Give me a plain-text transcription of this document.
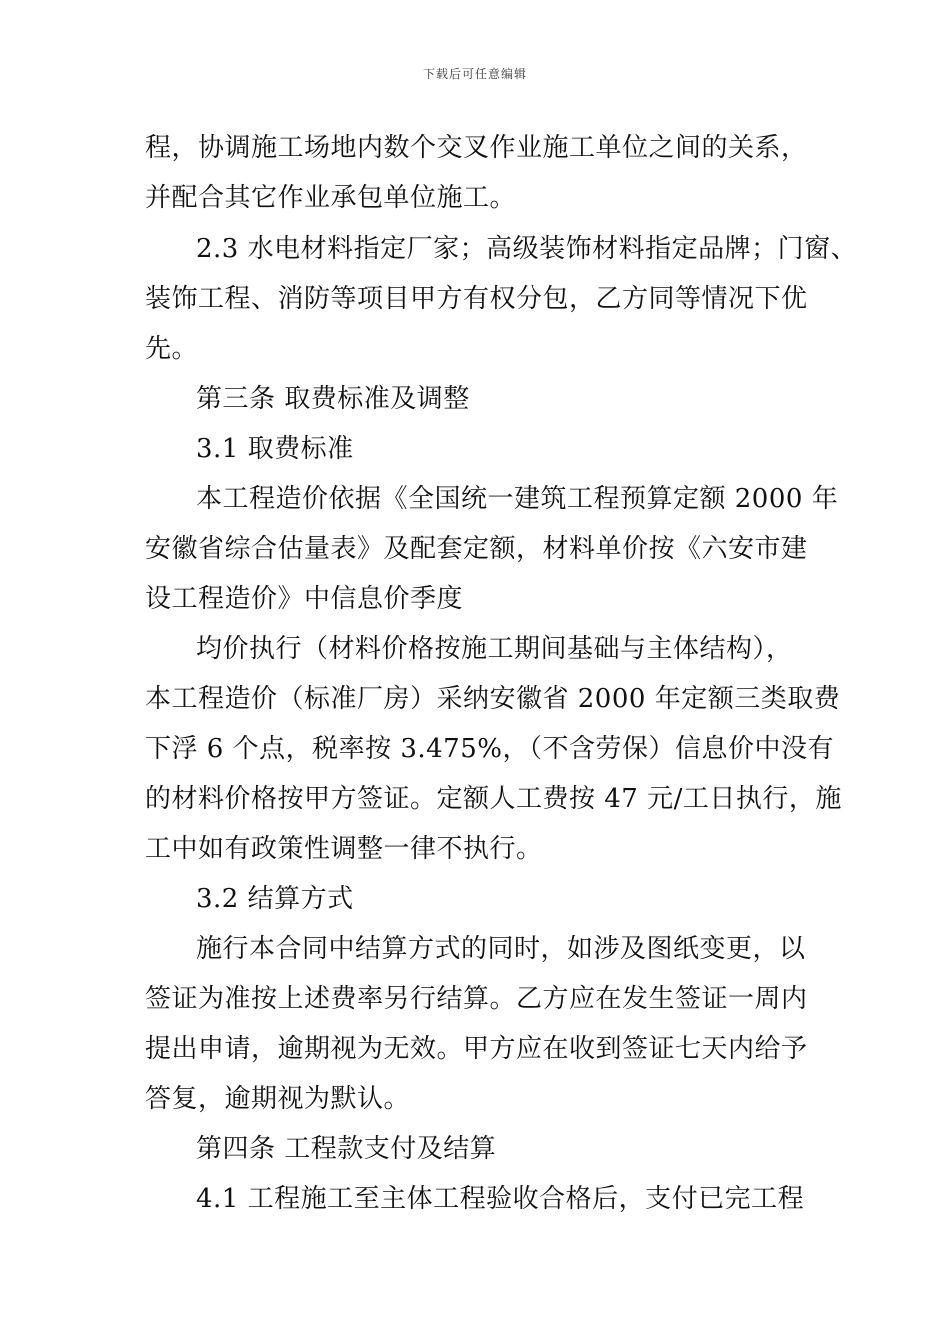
下载后可任意编辑
程，协调施工场地内数个交叉作业施工单位之间的关系，
并配合其它作业承包单位施工。
2.3 水电材料指定厂家；高级装饰材料指定品牌；门窗、
装饰工程、消防等项目甲方有权分包，乙方同等情况下优
先。
第三条 取费标准及调整
3.1 取费标准
本工程造价依据《全国统一建筑工程预算定额 2000 年
安徽省综合估量表》及配套定额，材料单价按《六安市建
设工程造价》中信息价季度
均价执行（材料价格按施工期间基础与主体结构），
本工程造价（标准厂房）采纳安徽省 2000 年定额三类取费
下浮 6 个点，税率按 3.475%，（不含劳保）信息价中没有
的材料价格按甲方签证。定额人工费按 47 元/工日执行，施
工中如有政策性调整一律不执行。
3.2 结算方式
施行本合同中结算方式的同时，如涉及图纸变更，以
签证为准按上述费率另行结算。乙方应在发生签证一周内
提出申请，逾期视为无效。甲方应在收到签证七天内给予
答复，逾期视为默认。
第四条 工程款支付及结算
4.1 工程施工至主体工程验收合格后，支付已完工程
